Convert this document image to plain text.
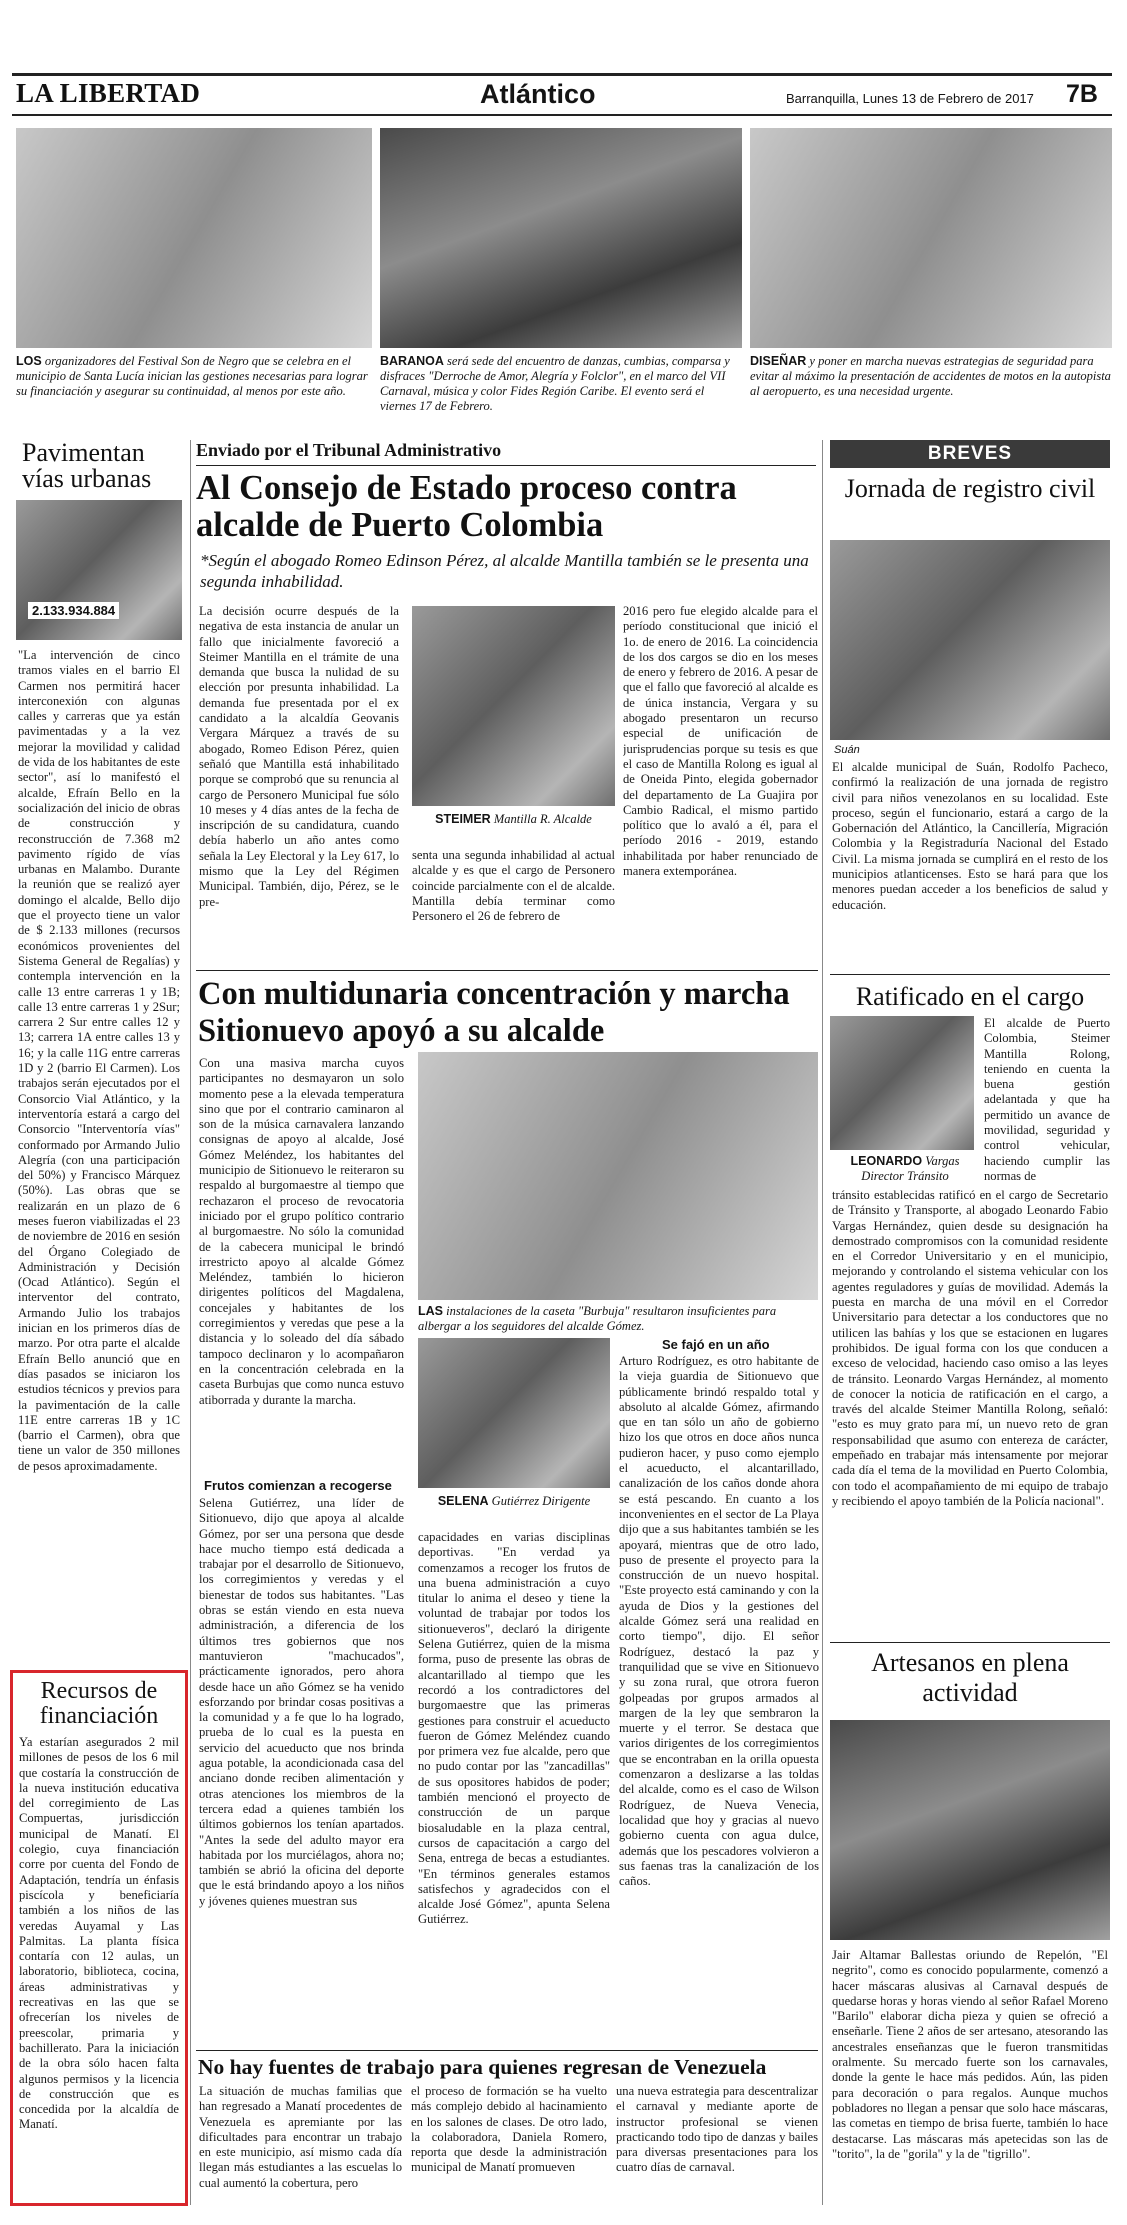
LA LIBERTAD	Atlántico	Barranquilla, Lunes 13 de Febrero de 2017 7B
LOS organizadores del Festival Son de Negro que se celebra en el municipio de Santa Lucía inician las gestiones necesarias para lograr su financiación y asegurar su continuidad, al menos por este año.
BARANOA será sede del encuentro de danzas, cumbias, comparsa y disfraces "Derroche de Amor, Alegría y Folclor", en el marco del VII Carnaval, música y color Fides Región Caribe. El evento será el viernes 17 de Febrero.
DISEÑAR y poner en marcha nuevas estrategias de seguridad para evitar al máximo la presentación de accidentes de motos en la autopista al aeropuerto, es una necesidad urgente.
Pavimentan vías urbanas
2.133.934.884
"La intervención de cinco tramos viales en el barrio El Carmen nos permitirá hacer interconexión con algunas calles y carreras que ya están pavimentadas y a la vez mejorar la movilidad y calidad de vida de los habitantes de este sector", así lo manifestó el alcalde, Efraín Bello en la socialización del inicio de obras de construcción y reconstrucción de 7.368 m2 pavimento rígido de vías urbanas en Malambo. Durante la reunión que se realizó ayer domingo el alcalde, Bello dijo que el proyecto tiene un valor de $ 2.133 millones (recursos económicos provenientes del Sistema General de Regalías) y contempla intervención en la calle 13 entre carreras 1 y 1B; calle 13 entre carreras 1 y 2Sur; carrera 2 Sur entre calles 12 y 13; carrera 1A entre calles 13 y 16; y la calle 11G entre carreras 1D y 2 (barrio El Carmen). Los trabajos serán ejecutados por el Consorcio Vial Atlántico, y la interventoría estará a cargo del Consorcio "Interventoría vías" conformado por Armando Julio Alegría (con una participación del 50%) y Francisco Márquez (50%). Las obras que se realizarán en un plazo de 6 meses fueron viabilizadas el 23 de noviembre de 2016 en sesión del Órgano Colegiado de Administración y Decisión (Ocad Atlántico). Según el interventor del contrato, Armando Julio los trabajos inician en los primeros días de marzo. Por otra parte el alcalde Efraín Bello anunció que en días pasados se iniciaron los estudios técnicos y previos para la pavimentación de la calle 11E entre carreras 1B y 1C (barrio el Carmen), obra que tiene un valor de 350 millones de pesos aproximadamente.
Recursos de financiación
Ya estarían asegurados 2 mil millones de pesos de los 6 mil que costaría la construcción de la nueva institución educativa del corregimiento de Las Compuertas, jurisdicción municipal de Manatí. El colegio, cuya financiación corre por cuenta del Fondo de Adaptación, tendría un énfasis piscícola y beneficiaría también a los niños de las veredas Auyamal y Las Palmitas. La planta física contaría con 12 aulas, un laboratorio, biblioteca, cocina, áreas administrativas y recreativas en las que se ofrecerían los niveles de preescolar, primaria y bachillerato. Para la iniciación de la obra sólo hacen falta algunos permisos y la licencia de construcción que es concedida por la alcaldía de Manatí.
Enviado por el Tribunal Administrativo
Al Consejo de Estado proceso contra alcalde de Puerto Colombia
*Según el abogado Romeo Edinson Pérez, al alcalde Mantilla también se le presenta una segunda inhabilidad.
La decisión ocurre después de la negativa de esta instancia de anular un fallo que inicialmente favoreció a Steimer Mantilla en el trámite de una demanda que busca la nulidad de su elección por presunta inhabilidad. La demanda fue presentada por el ex candidato a la alcaldía Geovanis Vergara Márquez a través de su abogado, Romeo Edison Pérez, quien señaló que Mantilla está inhabilitado porque se comprobó que su renuncia al cargo de Personero Municipal fue sólo 10 meses y 4 días antes de la fecha de inscripción de su candidatura, cuando debía haberlo un año antes como señala la Ley Electoral y la Ley 617, lo mismo que la Ley del Régimen Municipal. También, dijo, Pérez, se le pre-
STEIMER Mantilla R. Alcalde
senta una segunda inhabilidad al actual alcalde y es que el cargo de Personero coincide parcialmente con el de alcalde. Mantilla debía terminar como Personero el 26 de febrero de
2016 pero fue elegido alcalde para el período constitucional que inició el 1o. de enero de 2016. La coincidencia de los dos cargos se dio en los meses de enero y febrero de 2016. A pesar de que el fallo que favoreció al alcalde es de única instancia, Vergara y su abogado presentaron un recurso especial de unificación de jurisprudencias porque su tesis es que el caso de Mantilla Rolong es igual al de Oneida Pinto, elegida gobernador del departamento de La Guajira por Cambio Radical, el mismo partido político que lo avaló a él, para el período 2016 - 2019, estando inhabilitada por haber renunciado de manera extemporánea.
Con multidunaria concentración y marcha Sitionuevo apoyó a su alcalde
Con una masiva marcha cuyos participantes no desmayaron un solo momento pese a la elevada temperatura sino que por el contrario caminaron al son de la música carnavalera lanzando consignas de apoyo al alcalde, José Gómez Meléndez, los habitantes del municipio de Sitionuevo le reiteraron su respaldo al burgomaestre al tiempo que rechazaron el proceso de revocatoria iniciado por el grupo político contrario al burgomaestre. No sólo la comunidad de la cabecera municipal le brindó irrestricto apoyo al alcalde Gómez Meléndez, también lo hicieron dirigentes políticos del Magdalena, concejales y habitantes de los corregimientos y veredas que pese a la distancia y lo soleado del día sábado tampoco declinaron y lo acompañaron en la concentración celebrada en la caseta Burbujas que como nunca estuvo atiborrada y durante la marcha.
Frutos comienzan a recogerse
Selena Gutiérrez, una líder de Sitionuevo, dijo que apoya al alcalde Gómez, por ser una persona que desde hace mucho tiempo está dedicada a trabajar por el desarrollo de Sitionuevo, los corregimientos y veredas y el bienestar de todos sus habitantes. "Las obras se están viendo en esta nueva administración, a diferencia de los últimos tres gobiernos que nos mantuvieron "machucados", prácticamente ignorados, pero ahora desde hace un año Gómez se ha venido esforzando por brindar cosas positivas a la comunidad y a fe que lo ha logrado, prueba de lo cual es la puesta en servicio del acueducto que nos brinda agua potable, la acondicionada casa del anciano donde reciben alimentación y otras atenciones los miembros de la tercera edad a quienes también los últimos gobiernos los tenían apartados. "Antes la sede del adulto mayor era habitada por los murciélagos, ahora no; también se abrió la oficina del deporte que le está brindando apoyo a los niños y jóvenes quienes muestran sus
LAS instalaciones de la caseta "Burbuja" resultaron insuficientes para albergar a los seguidores del alcalde Gómez.
SELENA Gutiérrez Dirigente
capacidades en varias disciplinas deportivas. "En verdad ya comenzamos a recoger los frutos de una buena administración a cuyo titular lo anima el deseo y tiene la voluntad de trabajar por todos los sitionueveros", declaró la dirigente Selena Gutiérrez, quien de la misma forma, puso de presente las obras de alcantarillado al tiempo que les recordó a los contradictores del burgomaestre que las primeras gestiones para construir el acueducto fueron de Gómez Meléndez cuando por primera vez fue alcalde, pero que no pudo contar por las "zancadillas" de sus opositores habidos de poder; también mencionó el proyecto de construcción de un parque biosaludable en la plaza central, cursos de capacitación a cargo del Sena, entrega de becas a estudiantes. "En términos generales estamos satisfechos y agradecidos con el alcalde José Gómez", apunta Selena Gutiérrez.
Se fajó en un año
Arturo Rodríguez, es otro habitante de la vieja guardia de Sitionuevo que públicamente brindó respaldo total y absoluto al alcalde Gómez, afirmando que en tan sólo un año de gobierno hizo los que otros en doce años nunca pudieron hacer, y puso como ejemplo el acueducto, el alcantarillado, canalización de los caños donde ahora se está pescando. En cuanto a los inconvenientes en el sector de La Playa dijo que a sus habitantes también se les apoyará, mientras que de otro lado, puso de presente el proyecto para la construcción de un nuevo hospital. "Este proyecto está caminando y con la ayuda de Dios y la gestiones del alcalde Gómez será una realidad en corto tiempo", dijo. El señor Rodríguez, destacó la paz y tranquilidad que se vive en Sitionuevo y su zona rural, que otrora fueron golpeadas por grupos armados al margen de la ley que sembraron la muerte y el terror. Se destaca que varios dirigentes de los corregimientos que se encontraban en la orilla opuesta comenzaron a deslizarse a las toldas del alcalde, como es el caso de Wilson Rodríguez, de Nueva Venecia, localidad que hoy y gracias al nuevo gobierno cuenta con agua dulce, además que los pescadores volvieron a sus faenas tras la canalización de los caños.
No hay fuentes de trabajo para quienes regresan de Venezuela
La situación de muchas familias que han regresado a Manatí procedentes de Venezuela es apremiante por las dificultades para encontrar un trabajo en este municipio, así mismo cada día llegan más estudiantes a las escuelas lo cual aumentó la cobertura, pero
el proceso de formación se ha vuelto más complejo debido al hacinamiento en los salones de clases. De otro lado, la colaboradora, Daniela Romero, reporta que desde la administración municipal de Manatí promueven
una nueva estrategia para descentralizar el carnaval y mediante aporte de instructor profesional se vienen practicando todo tipo de danzas y bailes para diversas presentaciones para los cuatro días de carnaval.
BREVES
Jornada de registro civil
Suán
El alcalde municipal de Suán, Rodolfo Pacheco, confirmó la realización de una jornada de registro civil para niños venezolanos en su localidad. Este proceso, según el funcionario, estará a cargo de la Gobernación del Atlántico, la Cancillería, Migración Colombia y la Registraduría Nacional del Estado Civil. La misma jornada se cumplirá en el resto de los municipios atlanticenses. Esto se hará para que los menores puedan acceder a los beneficios de salud y educación.
Ratificado en el cargo
LEONARDO Vargas Director Tránsito
El alcalde de Puerto Colombia, Steimer Mantilla Rolong, teniendo en cuenta la buena gestión adelantada y que ha permitido un avance de movilidad, seguridad y control vehicular, haciendo cumplir las normas de
tránsito establecidas ratificó en el cargo de Secretario de Tránsito y Transporte, al abogado Leonardo Fabio Vargas Hernández, quien desde su designación ha demostrado compromisos con la comunidad residente en el Corredor Universitario y en el municipio, mejorando y controlando el sistema vehicular con los agentes reguladores y guías de movilidad. Además la puesta en marcha de una móvil en el Corredor Universitario para detectar a los conductores que no utilicen las bahías y los que se estacionen en lugares prohibidos. De igual forma con los que conducen a exceso de velocidad, haciendo caso omiso a las leyes de tránsito. Leonardo Vargas Hernández, al momento de conocer la noticia de ratificación en el cargo, a través del alcalde Steimer Mantilla Rolong, señaló: "esto es muy grato para mí, un nuevo reto de gran responsabilidad que asumo con entereza de carácter, empeñado en trabajar más intensamente por mejorar cada día el tema de la movilidad en Puerto Colombia, con todo el acompañamiento de mi equipo de trabajo y recibiendo el apoyo también de la Policía nacional".
Artesanos en plena actividad
Jair Altamar Ballestas oriundo de Repelón, "El negrito", como es conocido popularmente, comenzó a hacer máscaras alusivas al Carnaval después de quedarse horas y horas viendo al señor Rafael Moreno "Barilo" elaborar dicha pieza y quien se ofreció a enseñarle. Tiene 2 años de ser artesano, atesorando las ancestrales enseñanzas que le fueron transmitidas oralmente. Su mercado fuerte son los carnavales, donde la gente le hace más pedidos. Aún, las piden para decoración o para regalos. Aunque muchos pobladores no llegan a pensar que solo hace máscaras, las cometas en tiempo de brisa fuerte, también lo hace destacarse. Las máscaras más apetecidas son las de "torito", la de "gorila" y la de "tigrillo".
